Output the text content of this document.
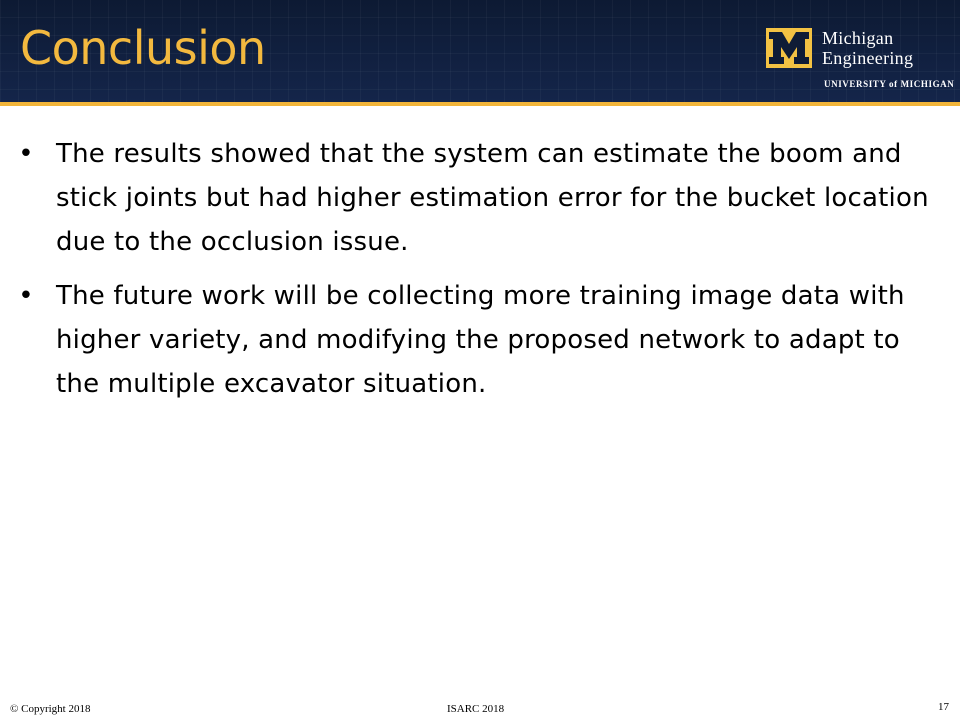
Conclusion	Michigan
Engineering
UNIVERSITY of MICHIGAN
• The results showed that the system can estimate the boom and stick joints but had higher estimation error for the bucket location due to the occlusion issue.
• The future work will be collecting more training image data with higher variety, and modifying the proposed network to adapt to the multiple excavator situation.
© Copyright 2018	ISARC 2018	17
